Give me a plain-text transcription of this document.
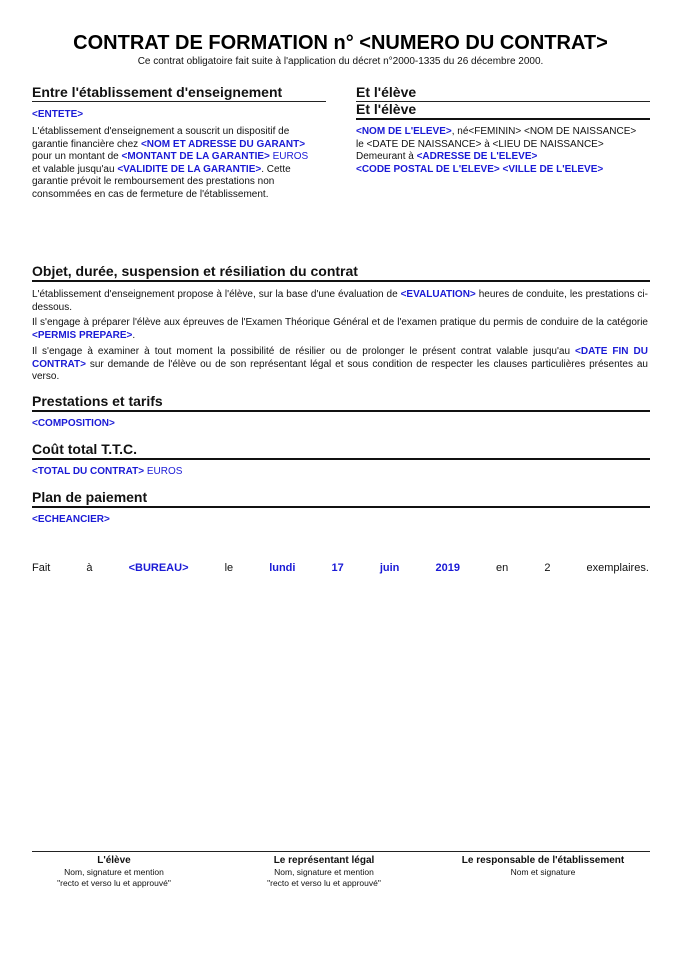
CONTRAT DE FORMATION n° <NUMERO DU CONTRAT>
Ce contrat obligatoire fait suite à l'application du décret n°2000-1335 du 26 décembre 2000.
Entre l'établissement d'enseignement
<ENTETE>
L'établissement d'enseignement a souscrit un dispositif de garantie financière chez <NOM ET ADRESSE DU GARANT> pour un montant de <MONTANT DE LA GARANTIE> EUROS et valable jusqu'au <VALIDITE DE LA GARANTIE>. Cette garantie prévoit le remboursement des prestations non consommées en cas de fermeture de l'établissement.
Et l'élève
Et l'élève
<NOM DE L'ELEVE>, né<FEMININ> <NOM DE NAISSANCE>
le <DATE DE NAISSANCE> à <LIEU DE NAISSANCE>
Demeurant à <ADRESSE DE L'ELEVE>
<CODE POSTAL DE L'ELEVE> <VILLE DE L'ELEVE>
Objet, durée, suspension et résiliation du contrat
L'établissement d'enseignement propose à l'élève, sur la base d'une évaluation de <EVALUATION> heures de conduite, les prestations ci-dessous.
Il s'engage à préparer l'élève aux épreuves de l'Examen Théorique Général et de l'examen pratique du permis de conduire de la catégorie <PERMIS PREPARE>.
Il s'engage à examiner à tout moment la possibilité de résilier ou de prolonger le présent contrat valable jusqu'au <DATE FIN DU CONTRAT> sur demande de l'élève ou de son représentant légal et sous condition de respecter les clauses particulières présentes au verso.
Prestations et tarifs
<COMPOSITION>
Coût total T.T.C.
<TOTAL DU CONTRAT> EUROS
Plan de paiement
<ECHEANCIER>
Fait	à	<BUREAU>	le	lundi	17	juin	2019	en	2	exemplaires.
L'élève
Nom, signature et mention
"recto et verso lu et approuvé"
Le représentant légal
Nom, signature et mention
"recto et verso lu et approuvé"
Le responsable de l'établissement
Nom et signature
